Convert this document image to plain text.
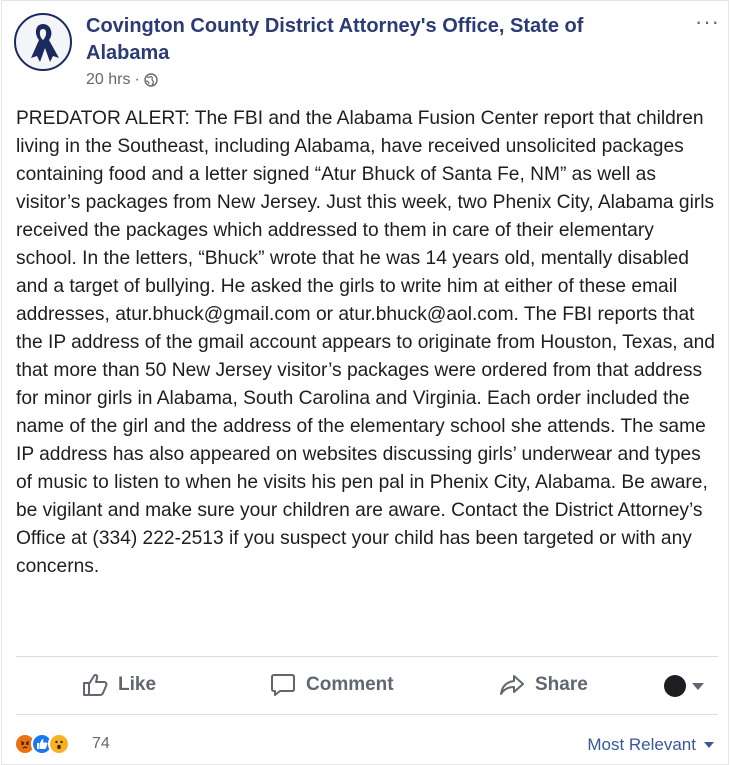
Covington County District Attorney's Office, State of Alabama
20 hrs ·
···
PREDATOR ALERT: The FBI and the Alabama Fusion Center report that children living in the Southeast, including Alabama, have received unsolicited packages containing food and a letter signed “Atur Bhuck of Santa Fe, NM” as well as visitor’s packages from New Jersey. Just this week, two Phenix City, Alabama girls received the packages which addressed to them in care of their elementary school. In the letters, “Bhuck” wrote that he was 14 years old, mentally disabled and a target of bullying. He asked the girls to write him at either of these email addresses, atur.bhuck@gmail.com or atur.bhuck@aol.com. The FBI reports that the IP address of the gmail account appears to originate from Houston, Texas, and that more than 50 New Jersey visitor’s packages were ordered from that address for minor girls in Alabama, South Carolina and Virginia. Each order included the name of the girl and the address of the elementary school she attends. The same IP address has also appeared on websites discussing girls’ underwear and types of music to listen to when he visits his pen pal in Phenix City, Alabama. Be aware, be vigilant and make sure your children are aware. Contact the District Attorney’s Office at (334) 222-2513 if you suspect your child has been targeted or with any concerns.
Like	Comment	Share
74	Most Relevant
